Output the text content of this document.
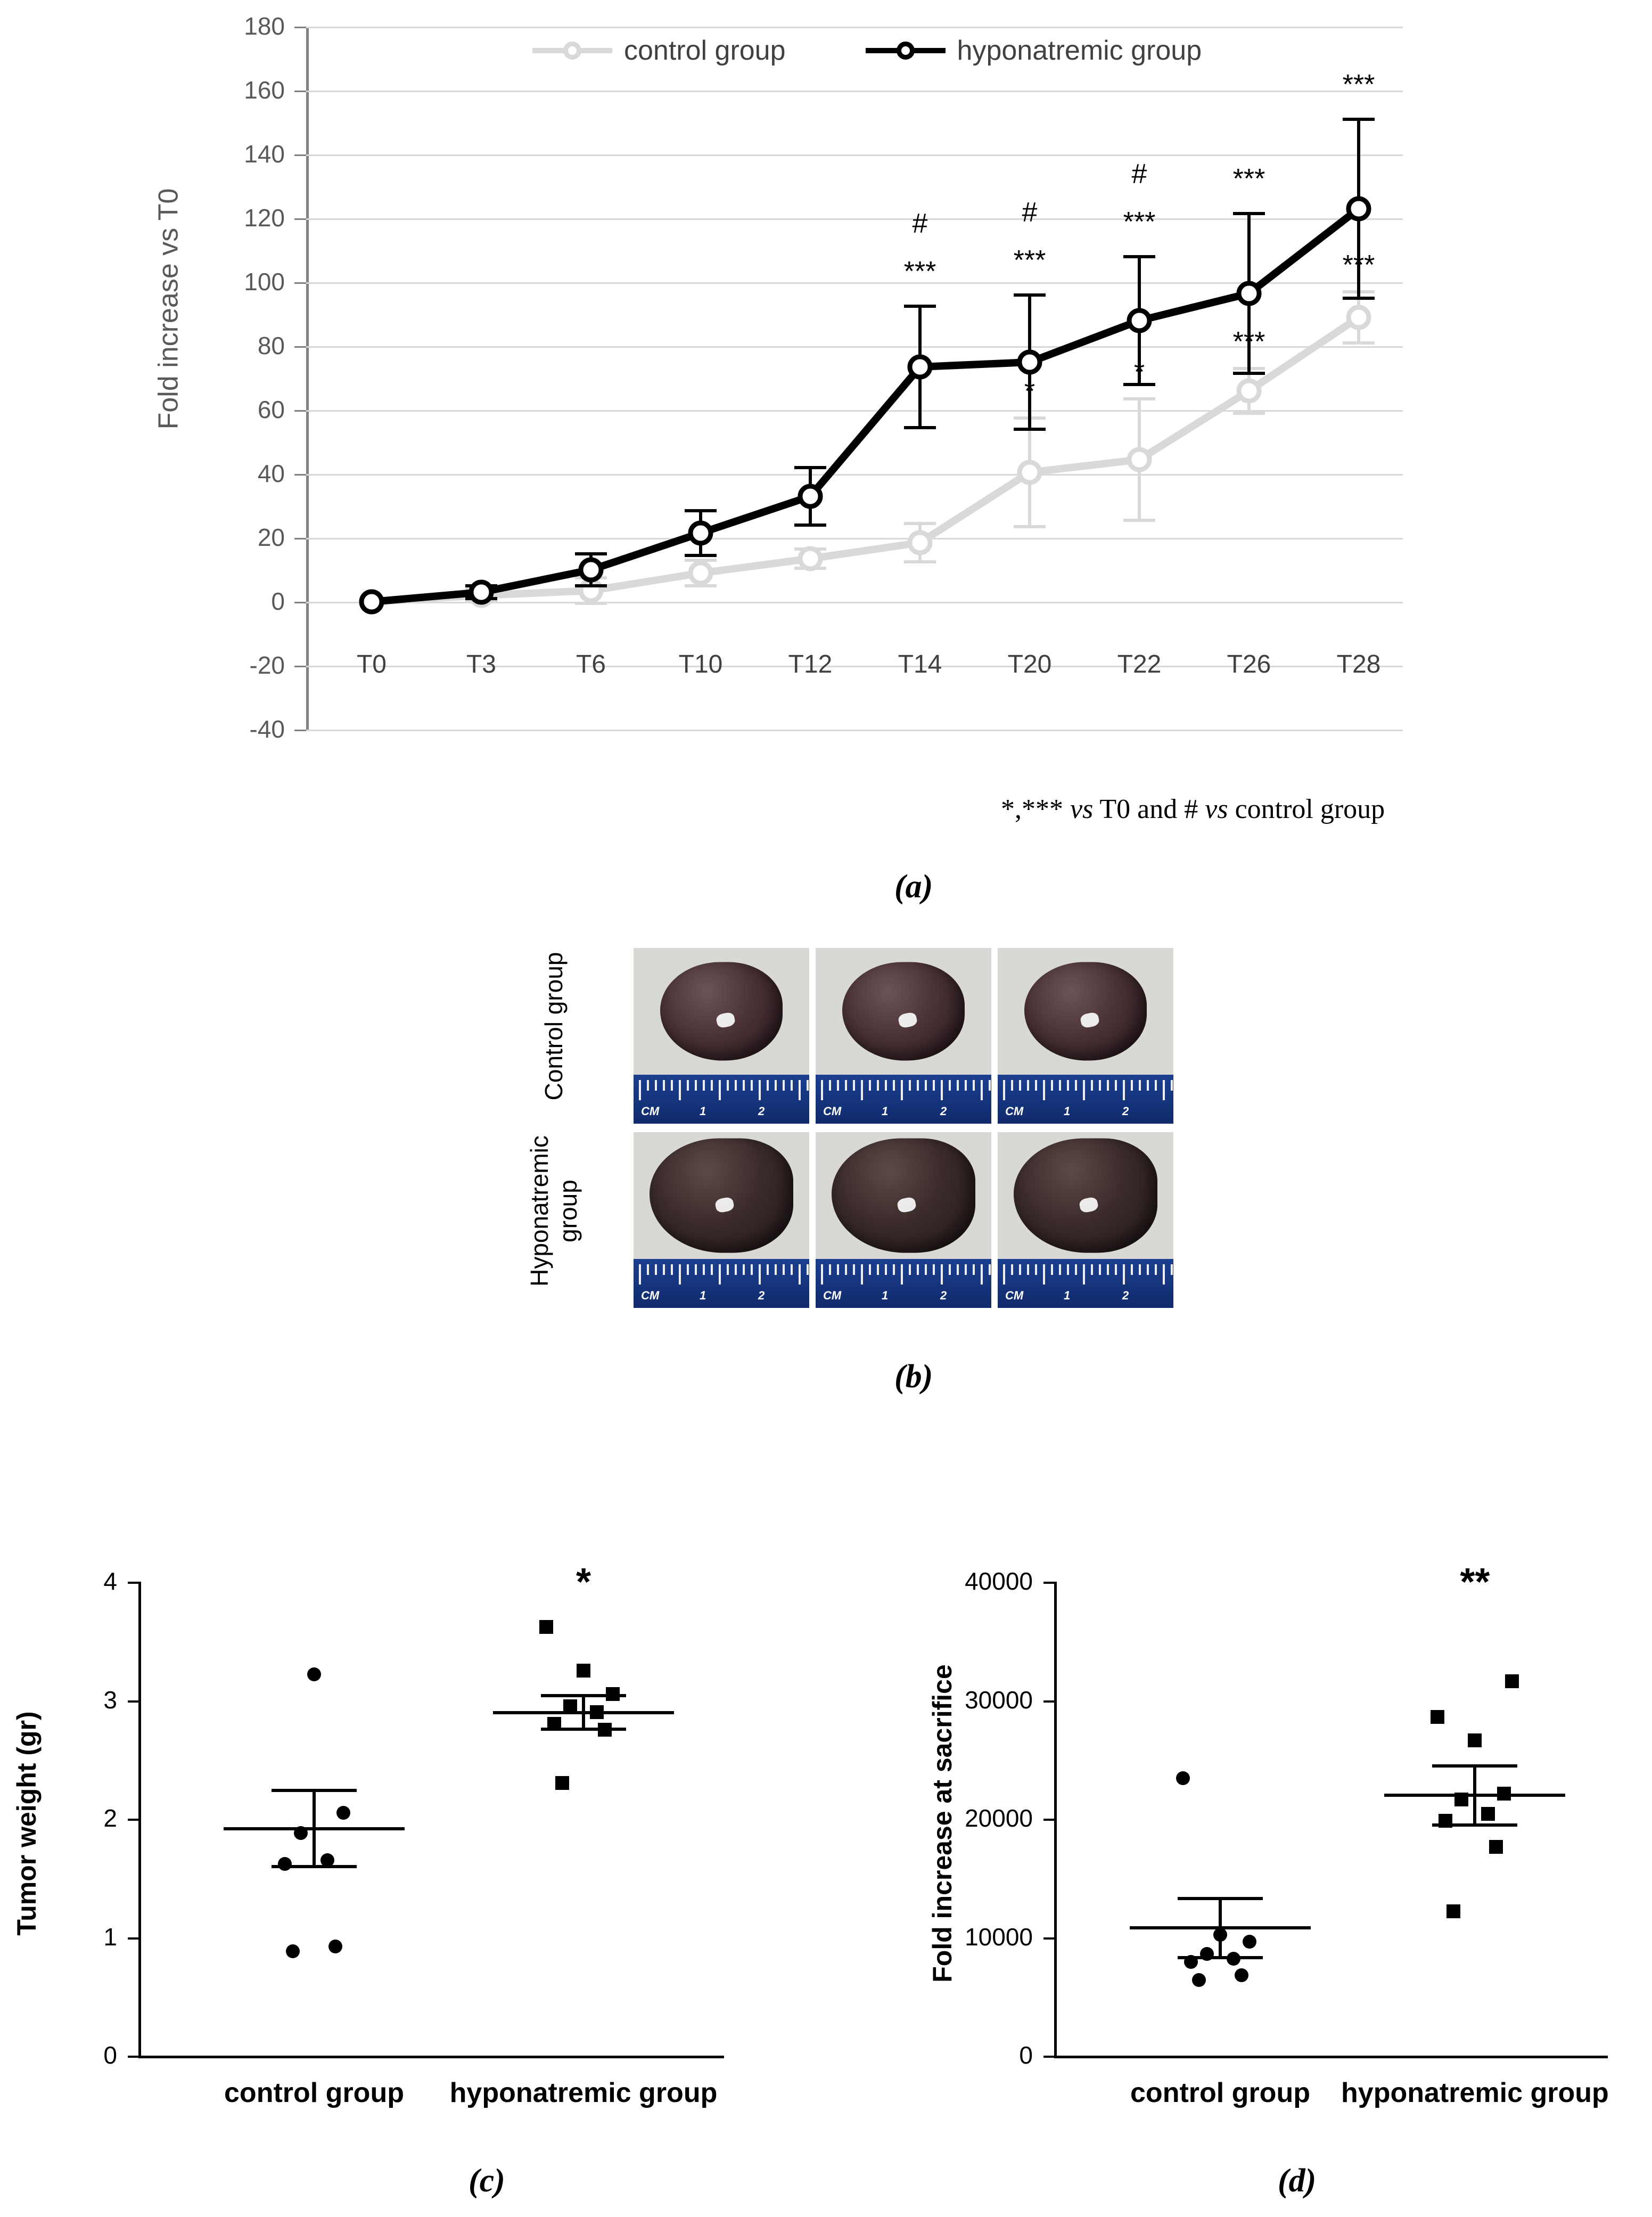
Fold increase vs T0
-40
-20
0
20
40
60
80
100
120
140
160
180
T0	T3	T6	T10	T12	T14	T20	T22	T26	T28
*
*
***
***
***	***
***
***
***
#	#
#
control group	hyponatremic group
*,*** vs T0 and # vs control group
(a)
Control group
CM	1	2	CM	1	2	CM	1	2
Hyponatremic group
CM	1	2	CM	1	2	CM	1	2
(b)
0
1
2
3
4
Tumor weight (gr)
control group	hyponatremic group
*
(c)
0
10000
20000
30000
40000
Fold increase at sacrifice
control group	hyponatremic group
**
(d)
